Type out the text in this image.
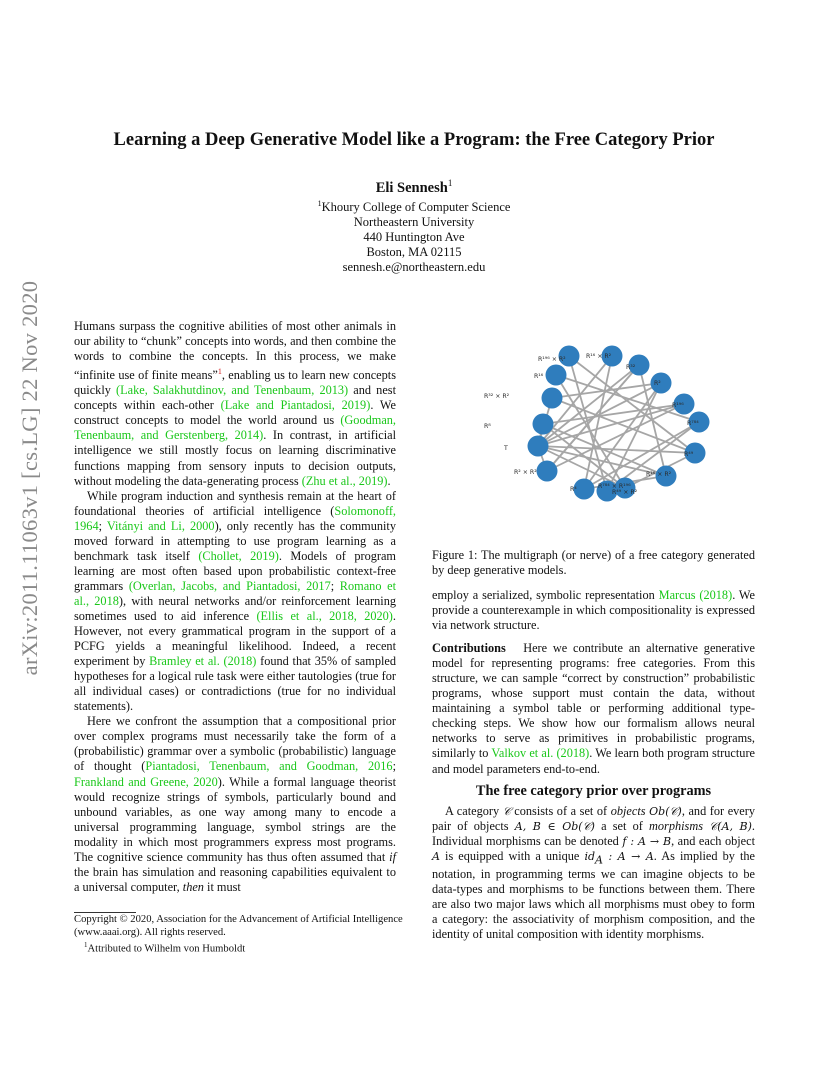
arXiv:2011.11063v1 [cs.LG] 22 Nov 2020
Learning a Deep Generative Model like a Program: the Free Category Prior
Eli Sennesh$^1$
$^1$Khoury College of Computer Science
Northeastern University
440 Huntington Ave
Boston, MA 02115
sennesh.e@northeastern.edu

Humans surpass the cognitive abilities of most other animals in our ability to “chunk” concepts into words, and then combine the words to combine the concepts. In this process, we make “infinite use of finite means”$^1$, enabling us to learn new concepts quickly (Lake, Salakhutdinov, and Tenenbaum, 2013) and nest concepts within each-other (Lake and Piantadosi, 2019). We construct concepts to model the world around us (Goodman, Tenenbaum, and Gerstenberg, 2014). In contrast, in artificial intelligence we still mostly focus on learning discriminative functions mapping from sensory inputs to decision outputs, without modeling the data-generating process (Zhu et al., 2019).

While program induction and synthesis remain at the heart of foundational theories of artificial intelligence (Solomonoff, 1964; Vitányi and Li, 2000), only recently has the community moved forward in attempting to use program learning as a benchmark task itself (Chollet, 2019). Models of program learning are most often based upon probabilistic context-free grammars (Overlan, Jacobs, and Piantadosi, 2017; Romano et al., 2018), with neural networks and/or reinforcement learning sometimes used to aid inference (Ellis et al., 2018, 2020). However, not every grammatical program in the support of a PCFG yields a meaningful likelihood. Indeed, a recent experiment by Bramley et al. (2018) found that 35% of sampled hypotheses for a logical rule task were either tautologies (true for all individual cases) or contradictions (true for no individual statements).

Here we confront the assumption that a compositional prior over complex programs must necessarily take the form of a (probabilistic) grammar over a symbolic (probabilistic) language of thought (Piantadosi, Tenenbaum, and Goodman, 2016; Frankland and Greene, 2020). While a formal language theorist would recognize strings of symbols, particularly bound and unbound variables, as one way among many to encode a universal programming language, symbol strings are the modality in which most programmers express most programs. The cognitive science community has thus often assumed that if the brain has simulation and reasoning capabilities equivalent to a universal computer, then it must

Copyright © 2020, Association for the Advancement of Artificial Intelligence (www.aaai.org). All rights reserved.

$^1$Attributed to Wilhelm von Humboldt

R¹⁹⁶ × R²	R¹⁶ × R²
R³²
R²
R¹⁹⁶
R⁷⁸⁴
R⁴⁹
R¹⁶ × R²
R⁷⁸⁴ × R¹⁹⁶
R⁴⁹ × R²
R⁴
R² × R²
T
R⁸
R³² × R²
R¹⁶
Figure 1: The multigraph (or nerve) of a free category generated by deep generative models.

employ a serialized, symbolic representation Marcus (2018). We provide a counterexample in which compositionality is expressed via network structure.

Contributions Here we contribute an alternative generative model for representing programs: free categories. From this structure, we can sample “correct by construction” probabilistic programs, whose support must contain the data, without maintaining a symbol table or performing additional type-checking steps. We show how our formalism allows neural networks to serve as primitives in probabilistic programs, similarly to Valkov et al. (2018). We learn both program structure and model parameters end-to-end.

The free category prior over programs

A category 𝒞 consists of a set of objects Ob(𝒞), and for every pair of objects A, B ∈ Ob(𝒞) a set of morphisms 𝒞(A, B). Individual morphisms can be denoted f : A → B, and each object A is equipped with a unique $id_A$ : A → A. As implied by the notation, in programming terms we can imagine objects to be data-types and morphisms to be functions between them. There are also two major laws which all morphisms must obey to form a category: the associativity of morphism composition, and the identity of unital composition with identity morphisms.
